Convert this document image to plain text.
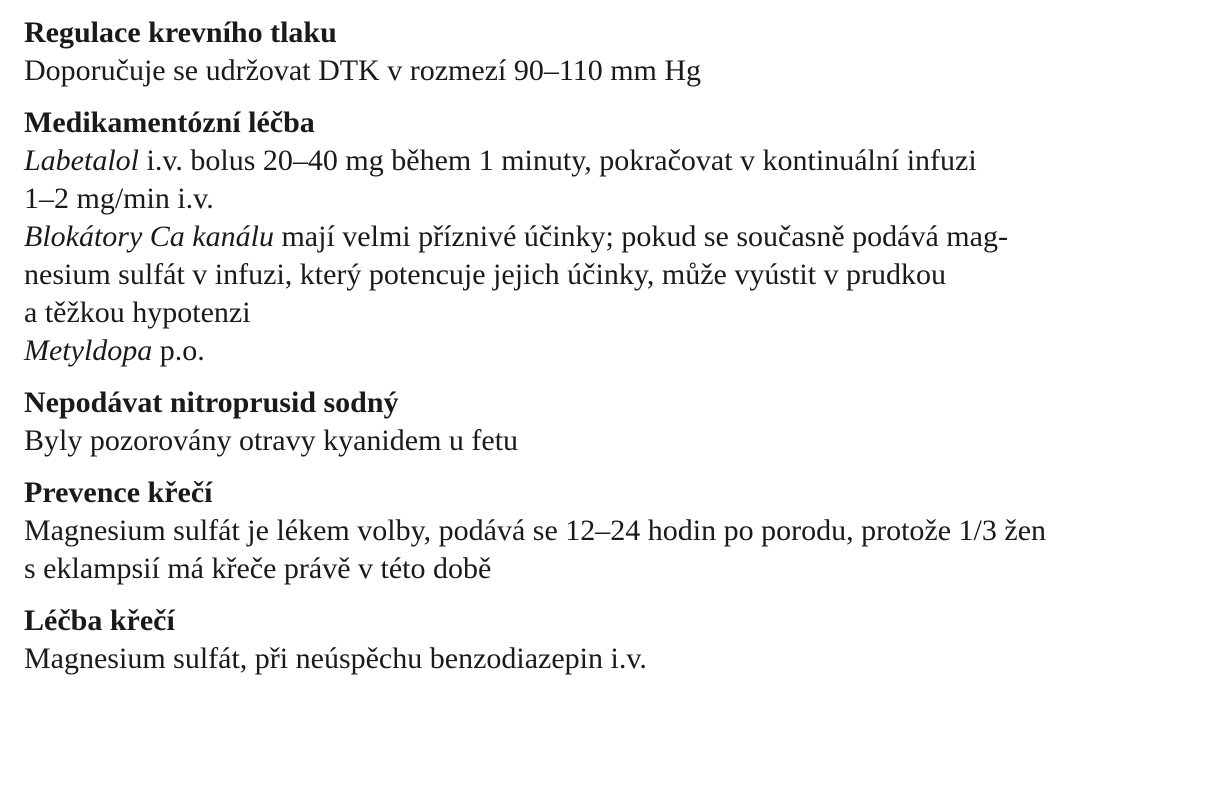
Regulace krevního tlaku
Doporučuje se udržovat DTK v rozmezí 90–110 mm Hg
Medikamentózní léčba
Labetalol i.v. bolus 20–40 mg během 1 minuty, pokračovat v kontinuální infuzi
1–2 mg/min i.v.
Blokátory Ca kanálu mají velmi příznivé účinky; pokud se současně podává mag-
nesium sulfát v infuzi, který potencuje jejich účinky, může vyústit v prudkou
a těžkou hypotenzi
Metyldopa p.o.
Nepodávat nitroprusid sodný
Byly pozorovány otravy kyanidem u fetu
Prevence křečí
Magnesium sulfát je lékem volby, podává se 12–24 hodin po porodu, protože 1/3 žen
s eklampsií má křeče právě v této době
Léčba křečí
Magnesium sulfát, při neúspěchu benzodiazepin i.v.
